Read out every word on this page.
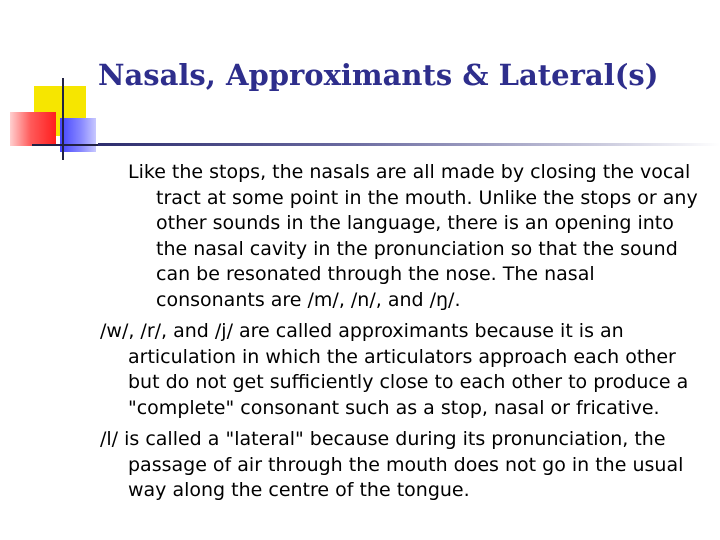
Nasals, Approximants & Lateral(s)
Like the stops, the nasals are all made by closing the vocal tract at some point in the mouth. Unlike the stops or any other sounds in the language, there is an opening into the nasal cavity in the pronunciation so that the sound can be resonated through the nose. The nasal consonants are /m/, /n/, and /ŋ/.
/w/, /r/, and /j/ are called approximants because it is an articulation in which the articulators approach each other but do not get sufficiently close to each other to produce a "complete" consonant such as a stop, nasal or fricative.
/l/ is called a "lateral" because during its pronunciation, the passage of air through the mouth does not go in the usual way along the centre of the tongue.
